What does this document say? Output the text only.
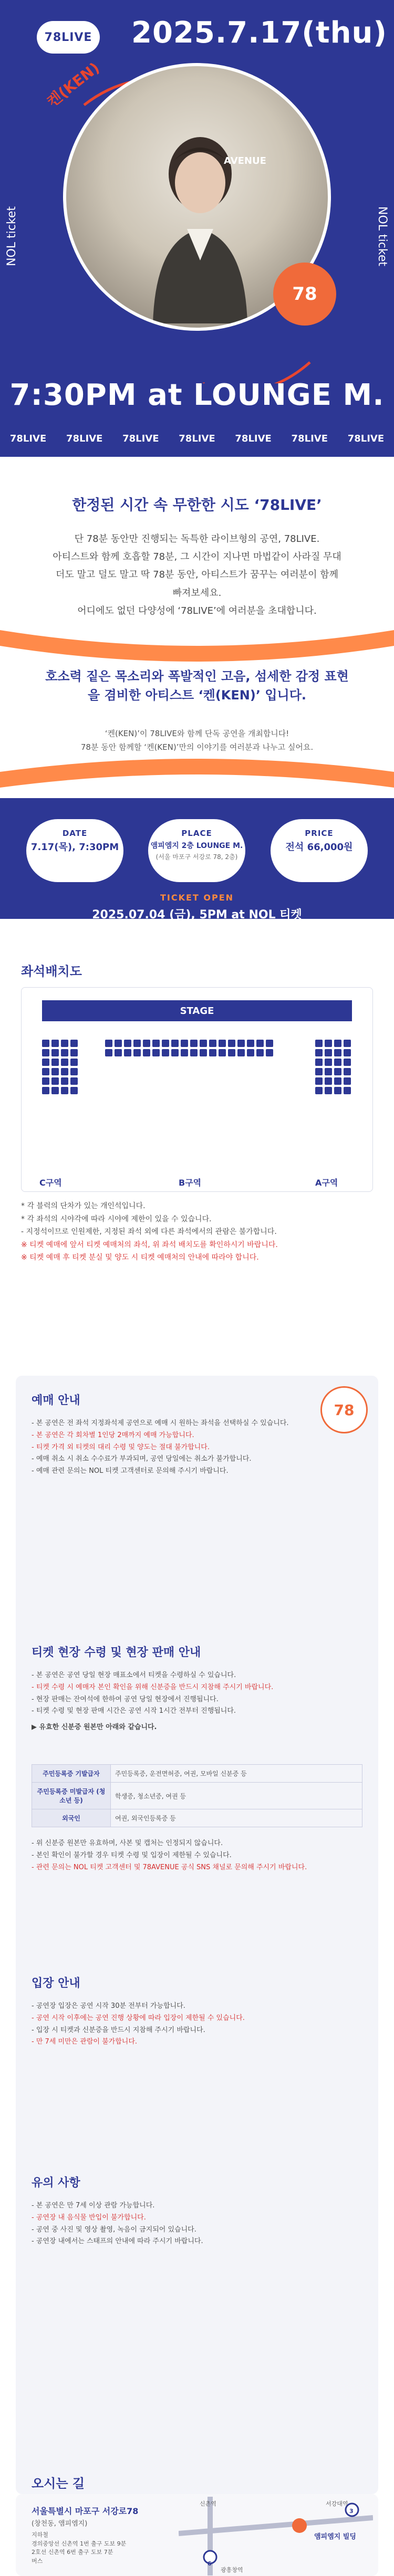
78LIVE 2025.7.17(thu)
NOL ticket	NOL ticket
AVENUE
켄(KEN)
78
7:30PM at LOUNGE M.
78LIVE 78LIVE 78LIVE 78LIVE 78LIVE 78LIVE 78LIVE
한정된 시간 속 무한한 시도 ‘78LIVE’
단 78분 동안만 진행되는 독특한 라이브형의 공연, 78LIVE.
아티스트와 함께 호흡할 78분, 그 시간이 지나면 마법같이 사라질 무대
더도 말고 덜도 말고 딱 78분 동안, 아티스트가 꿈꾸는 여러분이 함께 빠져보세요.
어디에도 없던 다양성에 ‘78LIVE’에 여러분을 초대합니다.
호소력 짙은 목소리와 폭발적인 고음, 섬세한 감정 표현을 겸비한 아티스트 ‘켄(KEN)’ 입니다.
‘켄(KEN)’이 78LIVE와 함께 단독 공연을 개최합니다!
78분 동안 함께할 ‘켄(KEN)’만의 이야기를 여러분과 나누고 싶어요.
DATE
7.17(목), 7:30PM
PLACE
앰피엠지 2층 LOUNGE M.
(서울 마포구 서강로 78, 2층)
PRICE
전석 66,000원
TICKET OPEN
2025.07.04 (금), 5PM at NOL 티켓
좌석배치도
STAGE
C구역	B구역	A구역
* 각 블럭의 단차가 있는 개인석입니다.
* 각 좌석의 시야각에 따라 시야에 제한이 있을 수 있습니다.
- 지정석이므로 인원제한, 지정된 좌석 외에 다른 좌석에서의 관람은 불가합니다.
※ 티켓 예매에 앞서 티켓 예매처의 좌석, 위 좌석 배치도를 확인하시기 바랍니다.
※ 티켓 예매 후 티켓 분실 및 양도 시 티켓 예매처의 안내에 따라야 합니다.
78
예매 안내
- 본 공연은 전 좌석 지정좌석제 공연으로 예매 시 원하는 좌석을 선택하실 수 있습니다.
- 본 공연은 각 회차별 1인당 2매까지 예매 가능합니다.
- 티켓 가격 외 티켓의 대리 수령 및 양도는 절대 불가합니다.
- 예매 취소 시 취소 수수료가 부과되며, 공연 당일에는 취소가 불가합니다.
- 예매 관련 문의는 NOL 티켓 고객센터로 문의해 주시기 바랍니다.
티켓 현장 수령 및 현장 판매 안내
- 본 공연은 공연 당일 현장 매표소에서 티켓을 수령하실 수 있습니다.
- 티켓 수령 시 예매자 본인 확인을 위해 신분증을 반드시 지참해 주시기 바랍니다.
- 현장 판매는 잔여석에 한하여 공연 당일 현장에서 진행됩니다.
- 티켓 수령 및 현장 판매 시간은 공연 시작 1시간 전부터 진행됩니다.
▶ 유효한 신분증 원본만 아래와 같습니다.
주민등록증 기발급자	주민등록증, 운전면허증, 여권, 모바일 신분증 등
주민등록증 미발급자 (청소년 등)	학생증, 청소년증, 여권 등
외국인	여권, 외국인등록증 등
- 위 신분증 원본만 유효하며, 사본 및 캡처는 인정되지 않습니다.
- 본인 확인이 불가할 경우 티켓 수령 및 입장이 제한될 수 있습니다.
- 관련 문의는 NOL 티켓 고객센터 및 78AVENUE 공식 SNS 채널로 문의해 주시기 바랍니다.
입장 안내
- 공연장 입장은 공연 시작 30분 전부터 가능합니다.
- 공연 시작 이후에는 공연 진행 상황에 따라 입장이 제한될 수 있습니다.
- 입장 시 티켓과 신분증을 반드시 지참해 주시기 바랍니다.
- 만 7세 미만은 관람이 불가합니다.
유의 사항
- 본 공연은 만 7세 이상 관람 가능합니다.
- 공연장 내 음식물 반입이 불가합니다.
- 공연 중 사진 및 영상 촬영, 녹음이 금지되어 있습니다.
- 공연장 내에서는 스태프의 안내에 따라 주시기 바랍니다.
오시는 길
서울특별시 마포구 서강로78
(창천동, 앰피엠지)
지하철
경의중앙선 신촌역 1번 출구 도보 9분
2호선 신촌역 6번 출구 도보 7분
버스
앰피엠지 빌딩
6
3
광흥창역
서강대역
신촌역
